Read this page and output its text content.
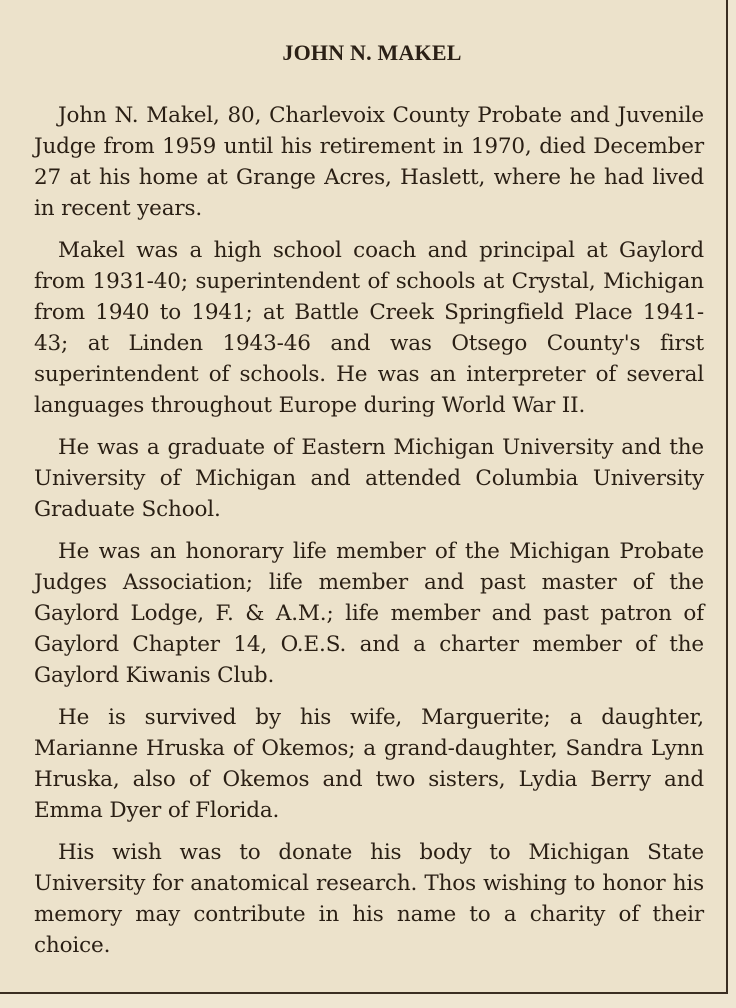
JOHN N. MAKEL

John N. Makel, 80, Charlevoix County Probate and Juvenile Judge from 1959 until his retirement in 1970, died December 27 at his home at Grange Acres, Haslett, where he had lived in recent years.

Makel was a high school coach and principal at Gaylord from 1931-40; superintendent of schools at Crystal, Michigan from 1940 to 1941; at Battle Creek Springfield Place 1941-43; at Linden 1943-46 and was Otsego County's first superintendent of schools. He was an interpreter of several languages throughout Europe during World War II.

He was a graduate of Eastern Michigan University and the University of Michigan and attended Columbia University Graduate School.

He was an honorary life member of the Michigan Probate Judges Association; life member and past master of the Gaylord Lodge, F. & A.M.; life member and past patron of Gaylord Chapter 14, O.E.S. and a charter member of the Gaylord Kiwanis Club.

He is survived by his wife, Marguerite; a daughter, Marianne Hruska of Okemos; a grand-daughter, Sandra Lynn Hruska, also of Okemos and two sisters, Lydia Berry and Emma Dyer of Florida.

His wish was to donate his body to Michigan State University for anatomical research. Thos wishing to honor his memory may contribute in his name to a charity of their choice.
